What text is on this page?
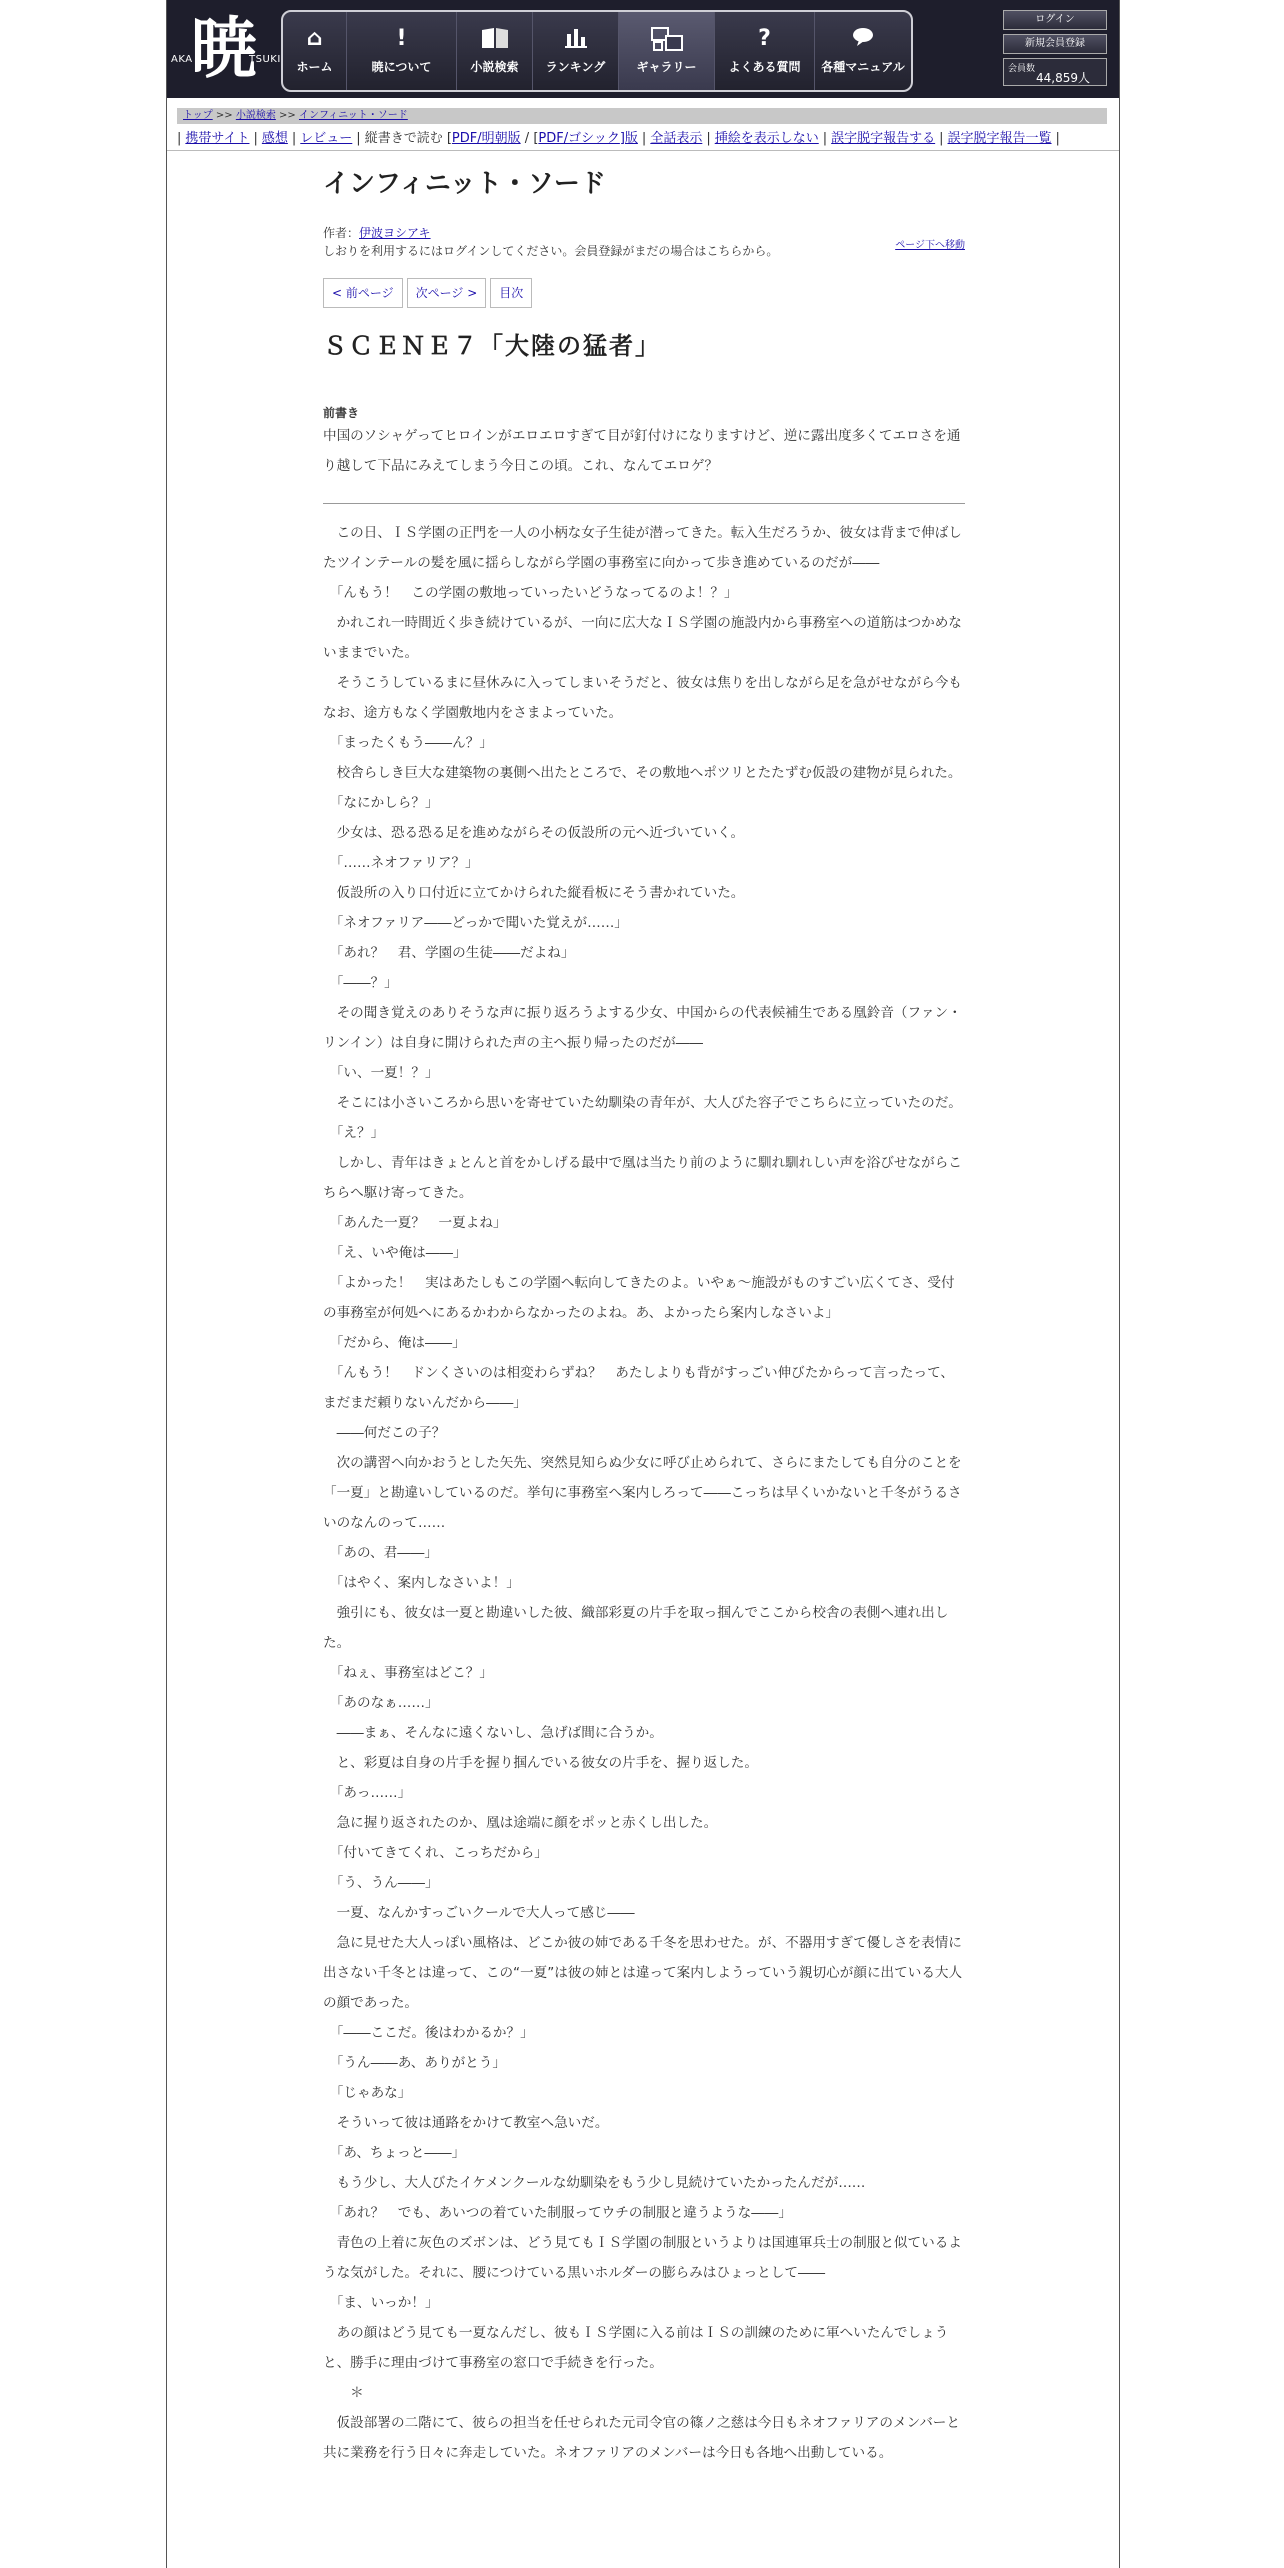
暁
AKA	TSUKI
⌂
ホーム
!
暁について	小説検索 ランキング	ギャラリー
?
よくある質問 各種マニュアル
ログイン
新規会員登録
会員数
44,859人
トップ >> 小説検索 >> インフィニット・ソード
| 携帯サイト | 感想 | レビュー | 縦書きで読む [PDF/明朝版 / [PDF/ゴシック]版 | 全話表示 | 挿絵を表示しない | 誤字脱字報告する | 誤字脱字報告一覧 |
インフィニット・ソード
作者：伊波ヨシアキ
しおりを利用するにはログインしてください。会員登録がまだの場合はこちらから。	ページ下へ移動
< 前ページ	次ページ >	目次
ＳＣＥＮＥ７「大陸の猛者」
前書き
中国のソシャゲってヒロインがエロエロすぎて目が釘付けになりますけど、逆に露出度多くてエロさを通り越して下品にみえてしまう今日この頃。これ、なんてエロゲ？

　この日、ＩＳ学園の正門を一人の小柄な女子生徒が潜ってきた。転入生だろうか、彼女は背まで伸ばしたツインテールの髪を風に揺らしながら学園の事務室に向かって歩き進めているのだが――

　「んもう！　この学園の敷地っていったいどうなってるのよ！？」

　かれこれ一時間近く歩き続けているが、一向に広大なＩＳ学園の施設内から事務室への道筋はつかめないままでいた。

　そうこうしているまに昼休みに入ってしまいそうだと、彼女は焦りを出しながら足を急がせながら今もなお、途方もなく学園敷地内をさまよっていた。

　「まったくもう――ん？」

　校舎らしき巨大な建築物の裏側へ出たところで、その敷地へポツリとたたずむ仮設の建物が見られた。

　「なにかしら？」

　少女は、恐る恐る足を進めながらその仮設所の元へ近づいていく。

　「……ネオファリア？」

　仮設所の入り口付近に立てかけられた縦看板にそう書かれていた。

　「ネオファリア――どっかで聞いた覚えが……」

　「あれ？　君、学園の生徒――だよね」

　「――？」

　その聞き覚えのありそうな声に振り返ろうよする少女、中国からの代表候補生である凰鈴音（ファン・リンイン）は自身に開けられた声の主へ振り帰ったのだが――

　「い、一夏！？」

　そこには小さいころから思いを寄せていた幼馴染の青年が、大人びた容子でこちらに立っていたのだ。

　「え？」

　しかし、青年はきょとんと首をかしげる最中で凰は当たり前のように馴れ馴れしい声を浴びせながらこちらへ駆け寄ってきた。

　「あんた一夏？　一夏よね」

　「え、いや俺は――」

　「よかった！　実はあたしもこの学園へ転向してきたのよ。いやぁ～施設がものすごい広くてさ、受付の事務室が何処へにあるかわからなかったのよね。あ、よかったら案内しなさいよ」

　「だから、俺は――」

　「んもう！　ドンくさいのは相変わらずね？　あたしよりも背がすっごい伸びたからって言ったって、まだまだ頼りないんだから――」

　――何だこの子？

　次の講習へ向かおうとした矢先、突然見知らぬ少女に呼び止められて、さらにまたしても自分のことを「一夏」と勘違いしているのだ。挙句に事務室へ案内しろって――こっちは早くいかないと千冬がうるさいのなんのって……

　「あの、君――」

　「はやく、案内しなさいよ！」

　強引にも、彼女は一夏と勘違いした彼、織部彩夏の片手を取っ掴んでここから校舎の表側へ連れ出した。

　「ねぇ、事務室はどこ？」

　「あのなぁ……」

　――まぁ、そんなに遠くないし、急げば間に合うか。

　と、彩夏は自身の片手を握り掴んでいる彼女の片手を、握り返した。

　「あっ……」

　急に握り返されたのか、凰は途端に顔をポッと赤くし出した。

　「付いてきてくれ、こっちだから」

　「う、うん――」

　一夏、なんかすっごいクールで大人って感じ――

　急に見せた大人っぽい風格は、どこか彼の姉である千冬を思わせた。が、不器用すぎて優しさを表情に出さない千冬とは違って、この“一夏”は彼の姉とは違って案内しようっていう親切心が顔に出ている大人の顔であった。

　「――ここだ。後はわかるか？」

　「うん――あ、ありがとう」

　「じゃあな」

　そういって彼は通路をかけて教室へ急いだ。

　「あ、ちょっと――」

　もう少し、大人びたイケメンクールな幼馴染をもう少し見続けていたかったんだが……

　「あれ？　でも、あいつの着ていた制服ってウチの制服と違うような――」

　青色の上着に灰色のズボンは、どう見てもＩＳ学園の制服というよりは国連軍兵士の制服と似ているような気がした。それに、腰につけている黒いホルダーの膨らみはひょっとして――

　「ま、いっか！」

　あの顔はどう見ても一夏なんだし、彼もＩＳ学園に入る前はＩＳの訓練のために軍へいたんでしょうと、勝手に理由づけて事務室の窓口で手続きを行った。

　　＊

　仮設部署の二階にて、彼らの担当を任せられた元司令官の篠ノ之慈は今日もネオファリアのメンバーと共に業務を行う日々に奔走していた。ネオファリアのメンバーは今日も各地へ出動している。
